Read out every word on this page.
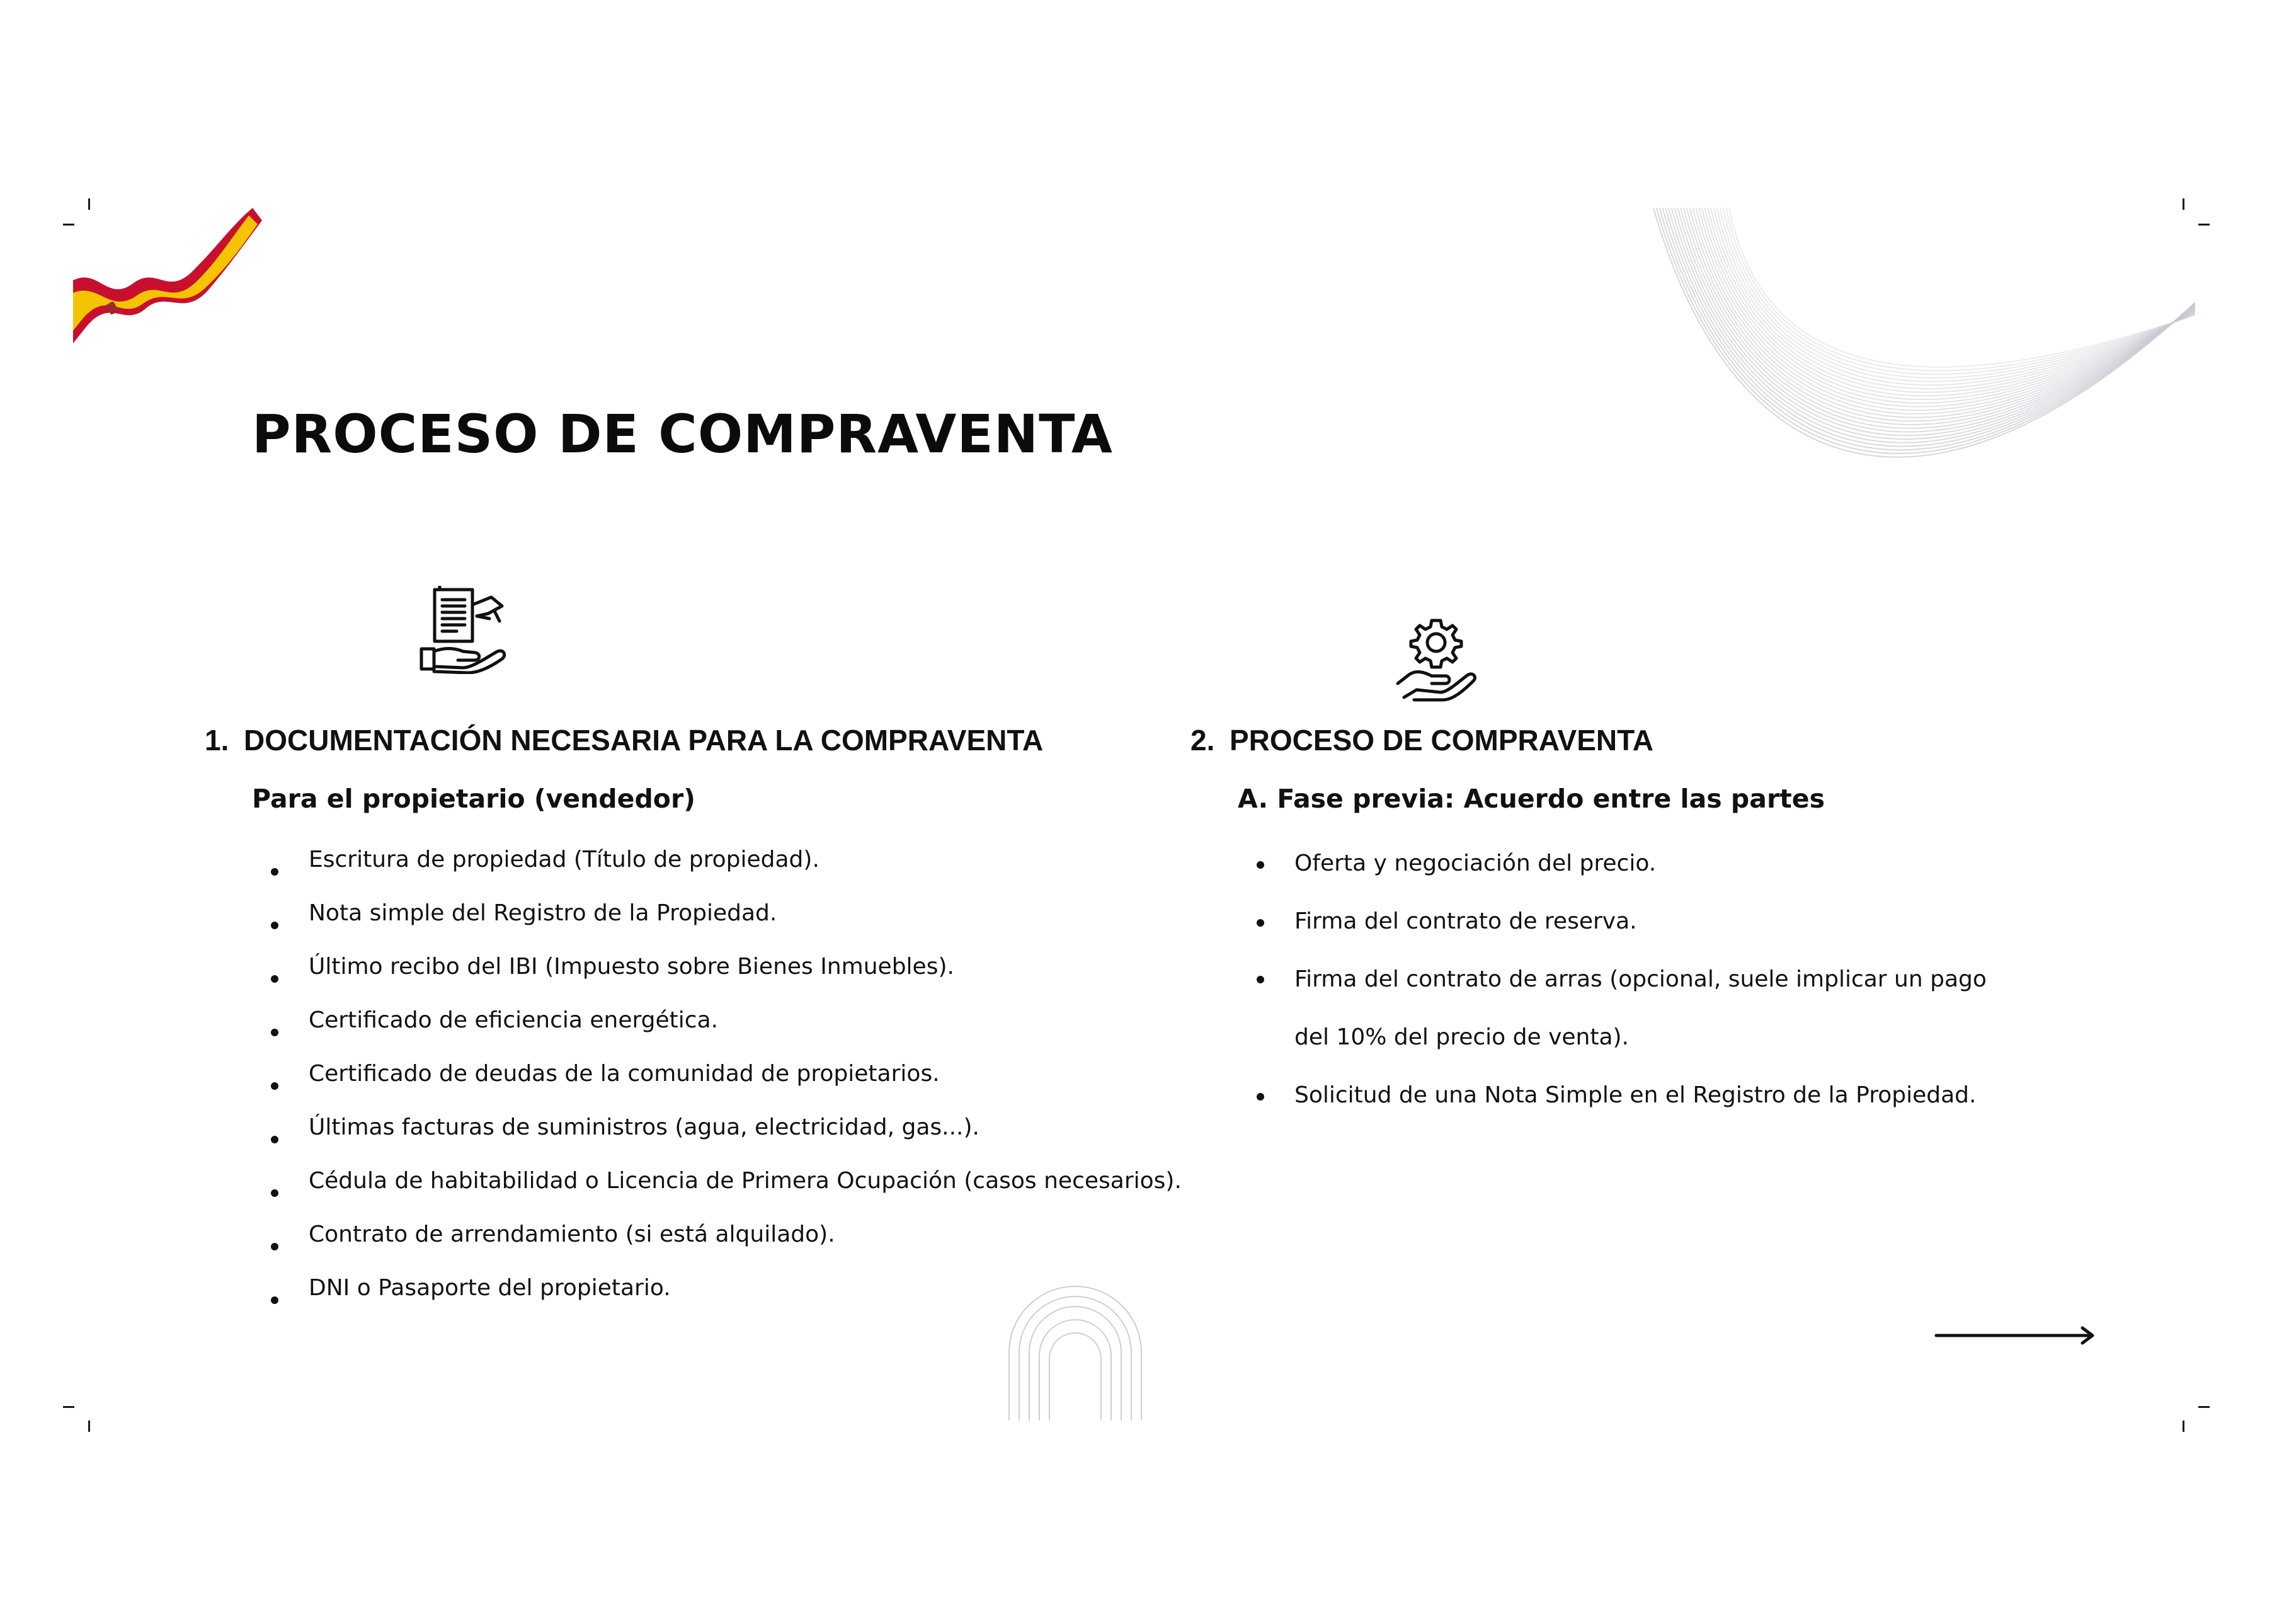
PROCESO DE COMPRAVENTA
1. DOCUMENTACIÓN NECESARIA PARA LA COMPRAVENTA
Para el propietario (vendedor)
Escritura de propiedad (Título de propiedad).
Nota simple del Registro de la Propiedad.
Último recibo del IBI (Impuesto sobre Bienes Inmuebles).
Certificado de eficiencia energética.
Certificado de deudas de la comunidad de propietarios.
Últimas facturas de suministros (agua, electricidad, gas...).
Cédula de habitabilidad o Licencia de Primera Ocupación (casos necesarios).
Contrato de arrendamiento (si está alquilado).
DNI o Pasaporte del propietario.
2. PROCESO DE COMPRAVENTA
A. Fase previa: Acuerdo entre las partes
Oferta y negociación del precio.
Firma del contrato de reserva.
Firma del contrato de arras (opcional, suele implicar un pago del 10% del precio de venta).
Solicitud de una Nota Simple en el Registro de la Propiedad.
